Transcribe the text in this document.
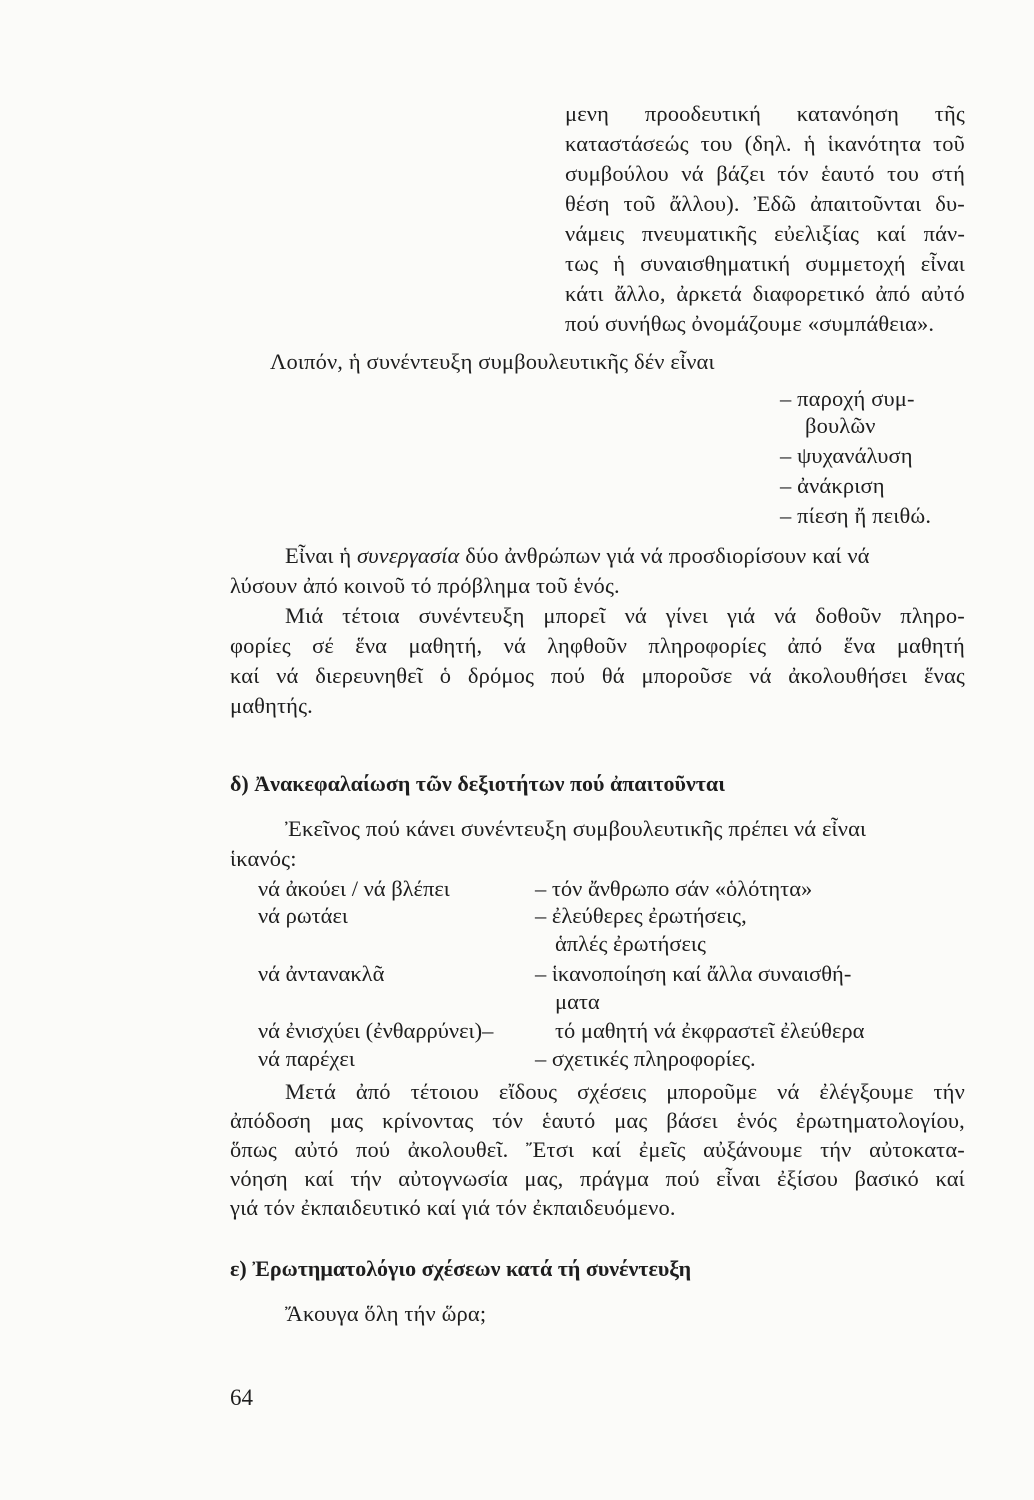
μενη προοδευτική κατανόηση τῆς
καταστάσεώς του (δηλ. ἡ ἱκανότητα τοῦ
συμβούλου νά βάζει τόν ἑαυτό του στή
θέση τοῦ ἄλλου). Ἐδῶ ἀπαιτοῦνται δυ-
νάμεις πνευματικῆς εὐελιξίας καί πάν-
τως ἡ συναισθηματική συμμετοχή εἶναι
κάτι ἄλλο, ἀρκετά διαφορετικό ἀπό αὐτό
πού συνήθως ὀνομάζουμε «συμπάθεια».
Λοιπόν, ἡ συνέντευξη συμβουλευτικῆς δέν εἶναι
– παροχή συμ-
βουλῶν
– ψυχανάλυση
– ἀνάκριση
– πίεση ἤ πειθώ.
Εἶναι ἡ συνεργασία δύο ἀνθρώπων γιά νά προσδιορίσουν καί νά
λύσουν ἀπό κοινοῦ τό πρόβλημα τοῦ ἑνός.
Μιά τέτοια συνέντευξη μπορεῖ νά γίνει γιά νά δοθοῦν πληρο-
φορίες σέ ἕνα μαθητή, νά ληφθοῦν πληροφορίες ἀπό ἕνα μαθητή
καί νά διερευνηθεῖ ὁ δρόμος πού θά μποροῦσε νά ἀκολουθήσει ἕνας
μαθητής.
δ) Ἀνακεφαλαίωση τῶν δεξιοτήτων πού ἀπαιτοῦνται
Ἐκεῖνος πού κάνει συνέντευξη συμβουλευτικῆς πρέπει νά εἶναι
ἱκανός:
νά ἀκούει / νά βλέπει	– τόν ἄνθρωπο σάν «ὁλότητα»
νά ρωτάει	– ἐλεύθερες ἐρωτήσεις,
ἁπλές ἐρωτήσεις
νά ἀντανακλᾶ	– ἱκανοποίηση καί ἄλλα συναισθή-
ματα
νά ἐνισχύει (ἐνθαρρύνει)–	τό μαθητή νά ἐκφραστεῖ ἐλεύθερα
νά παρέχει	– σχετικές πληροφορίες.
Μετά ἀπό τέτοιου εἴδους σχέσεις μποροῦμε νά ἐλέγξουμε τήν
ἀπόδοση μας κρίνοντας τόν ἑαυτό μας βάσει ἑνός ἐρωτηματολογίου,
ὅπως αὐτό πού ἀκολουθεῖ. Ἔτσι καί ἐμεῖς αὐξάνουμε τήν αὐτοκατα-
νόηση καί τήν αὐτογνωσία μας, πράγμα πού εἶναι ἐξίσου βασικό καί
γιά τόν ἐκπαιδευτικό καί γιά τόν ἐκπαιδευόμενο.
ε) Ἐρωτηματολόγιο σχέσεων κατά τή συνέντευξη
Ἄκουγα ὅλη τήν ὥρα;
64
